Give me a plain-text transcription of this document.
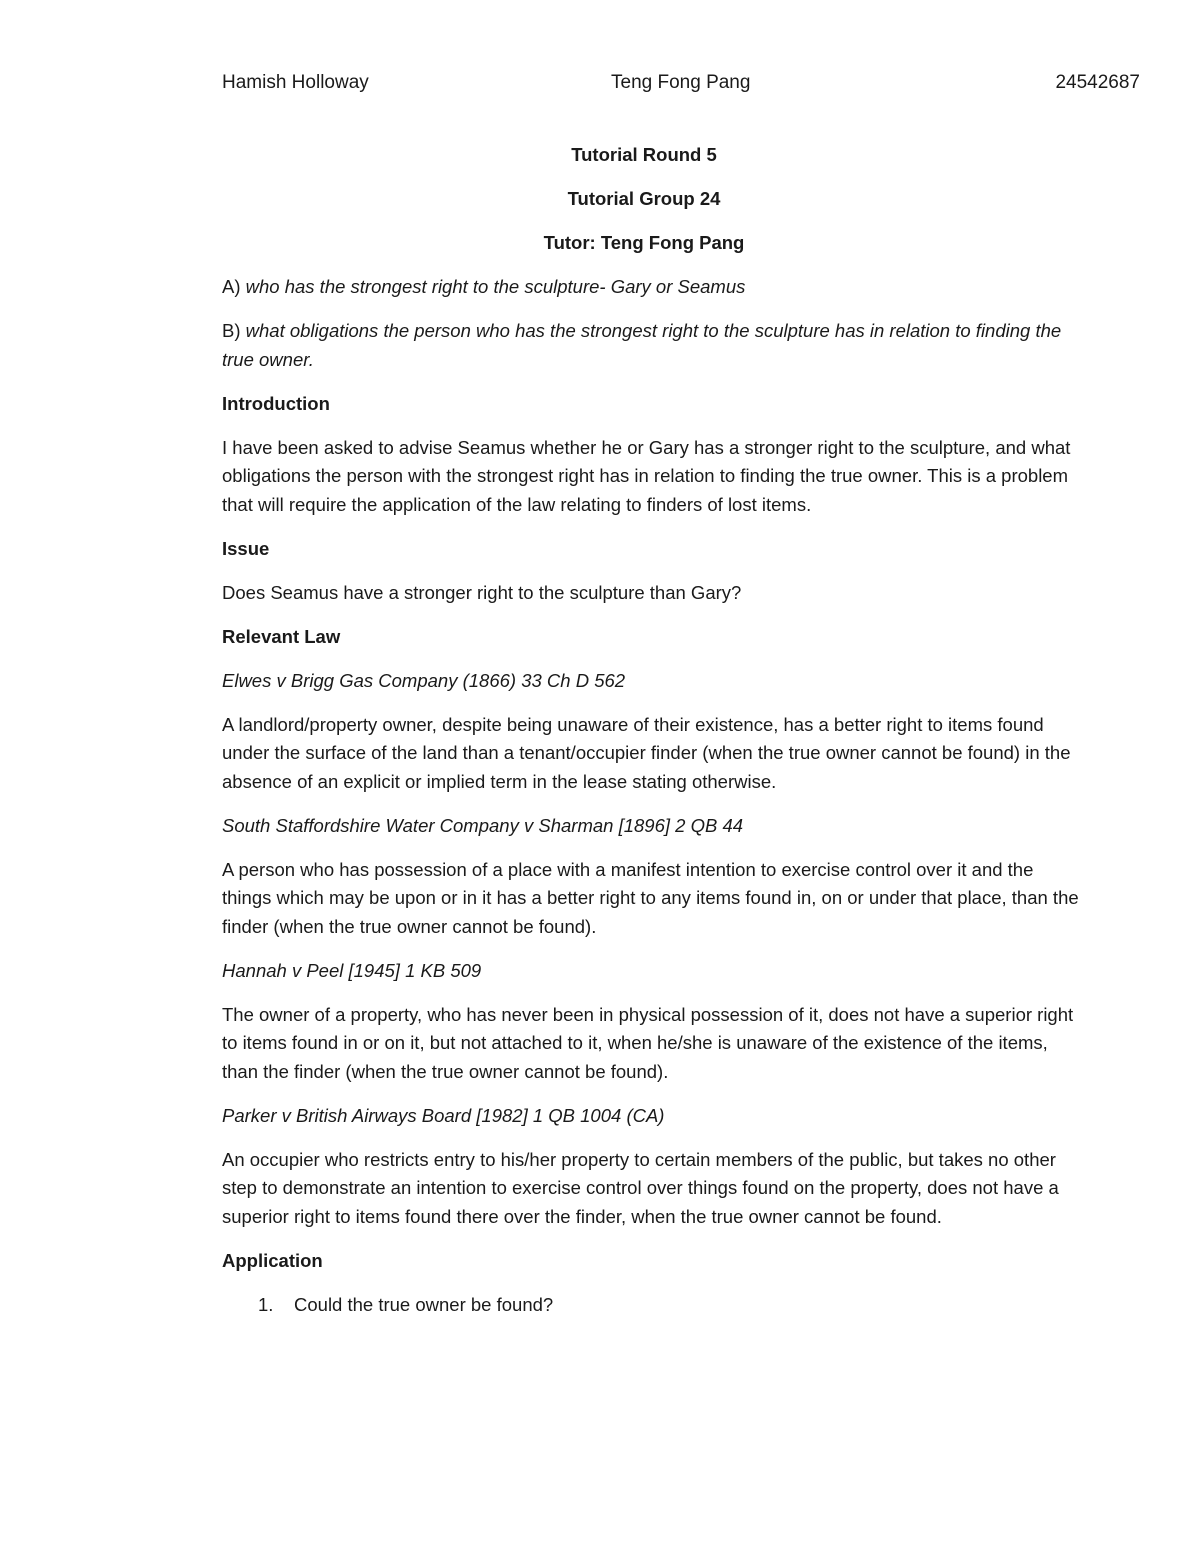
Hamish Holloway	Teng Fong Pang	24542687

Tutorial Round 5

Tutorial Group 24

Tutor: Teng Fong Pang

A) who has the strongest right to the sculpture- Gary or Seamus

B) what obligations the person who has the strongest right to the sculpture has in relation to finding the true owner.

Introduction

I have been asked to advise Seamus whether he or Gary has a stronger right to the sculpture, and what obligations the person with the strongest right has in relation to finding the true owner. This is a problem that will require the application of the law relating to finders of lost items.

Issue

Does Seamus have a stronger right to the sculpture than Gary?

Relevant Law

Elwes v Brigg Gas Company (1866) 33 Ch D 562

A landlord/property owner, despite being unaware of their existence, has a better right to items found under the surface of the land than a tenant/occupier finder (when the true owner cannot be found) in the absence of an explicit or implied term in the lease stating otherwise.

South Staffordshire Water Company v Sharman [1896] 2 QB 44

A person who has possession of a place with a manifest intention to exercise control over it and the things which may be upon or in it has a better right to any items found in, on or under that place, than the finder (when the true owner cannot be found).

Hannah v Peel [1945] 1 KB 509

The owner of a property, who has never been in physical possession of it, does not have a superior right to items found in or on it, but not attached to it, when he/she is unaware of the existence of the items, than the finder (when the true owner cannot be found).

Parker v British Airways Board [1982] 1 QB 1004 (CA)

An occupier who restricts entry to his/her property to certain members of the public, but takes no other step to demonstrate an intention to exercise control over things found on the property, does not have a superior right to items found there over the finder, when the true owner cannot be found.

Application

1. Could the true owner be found?
